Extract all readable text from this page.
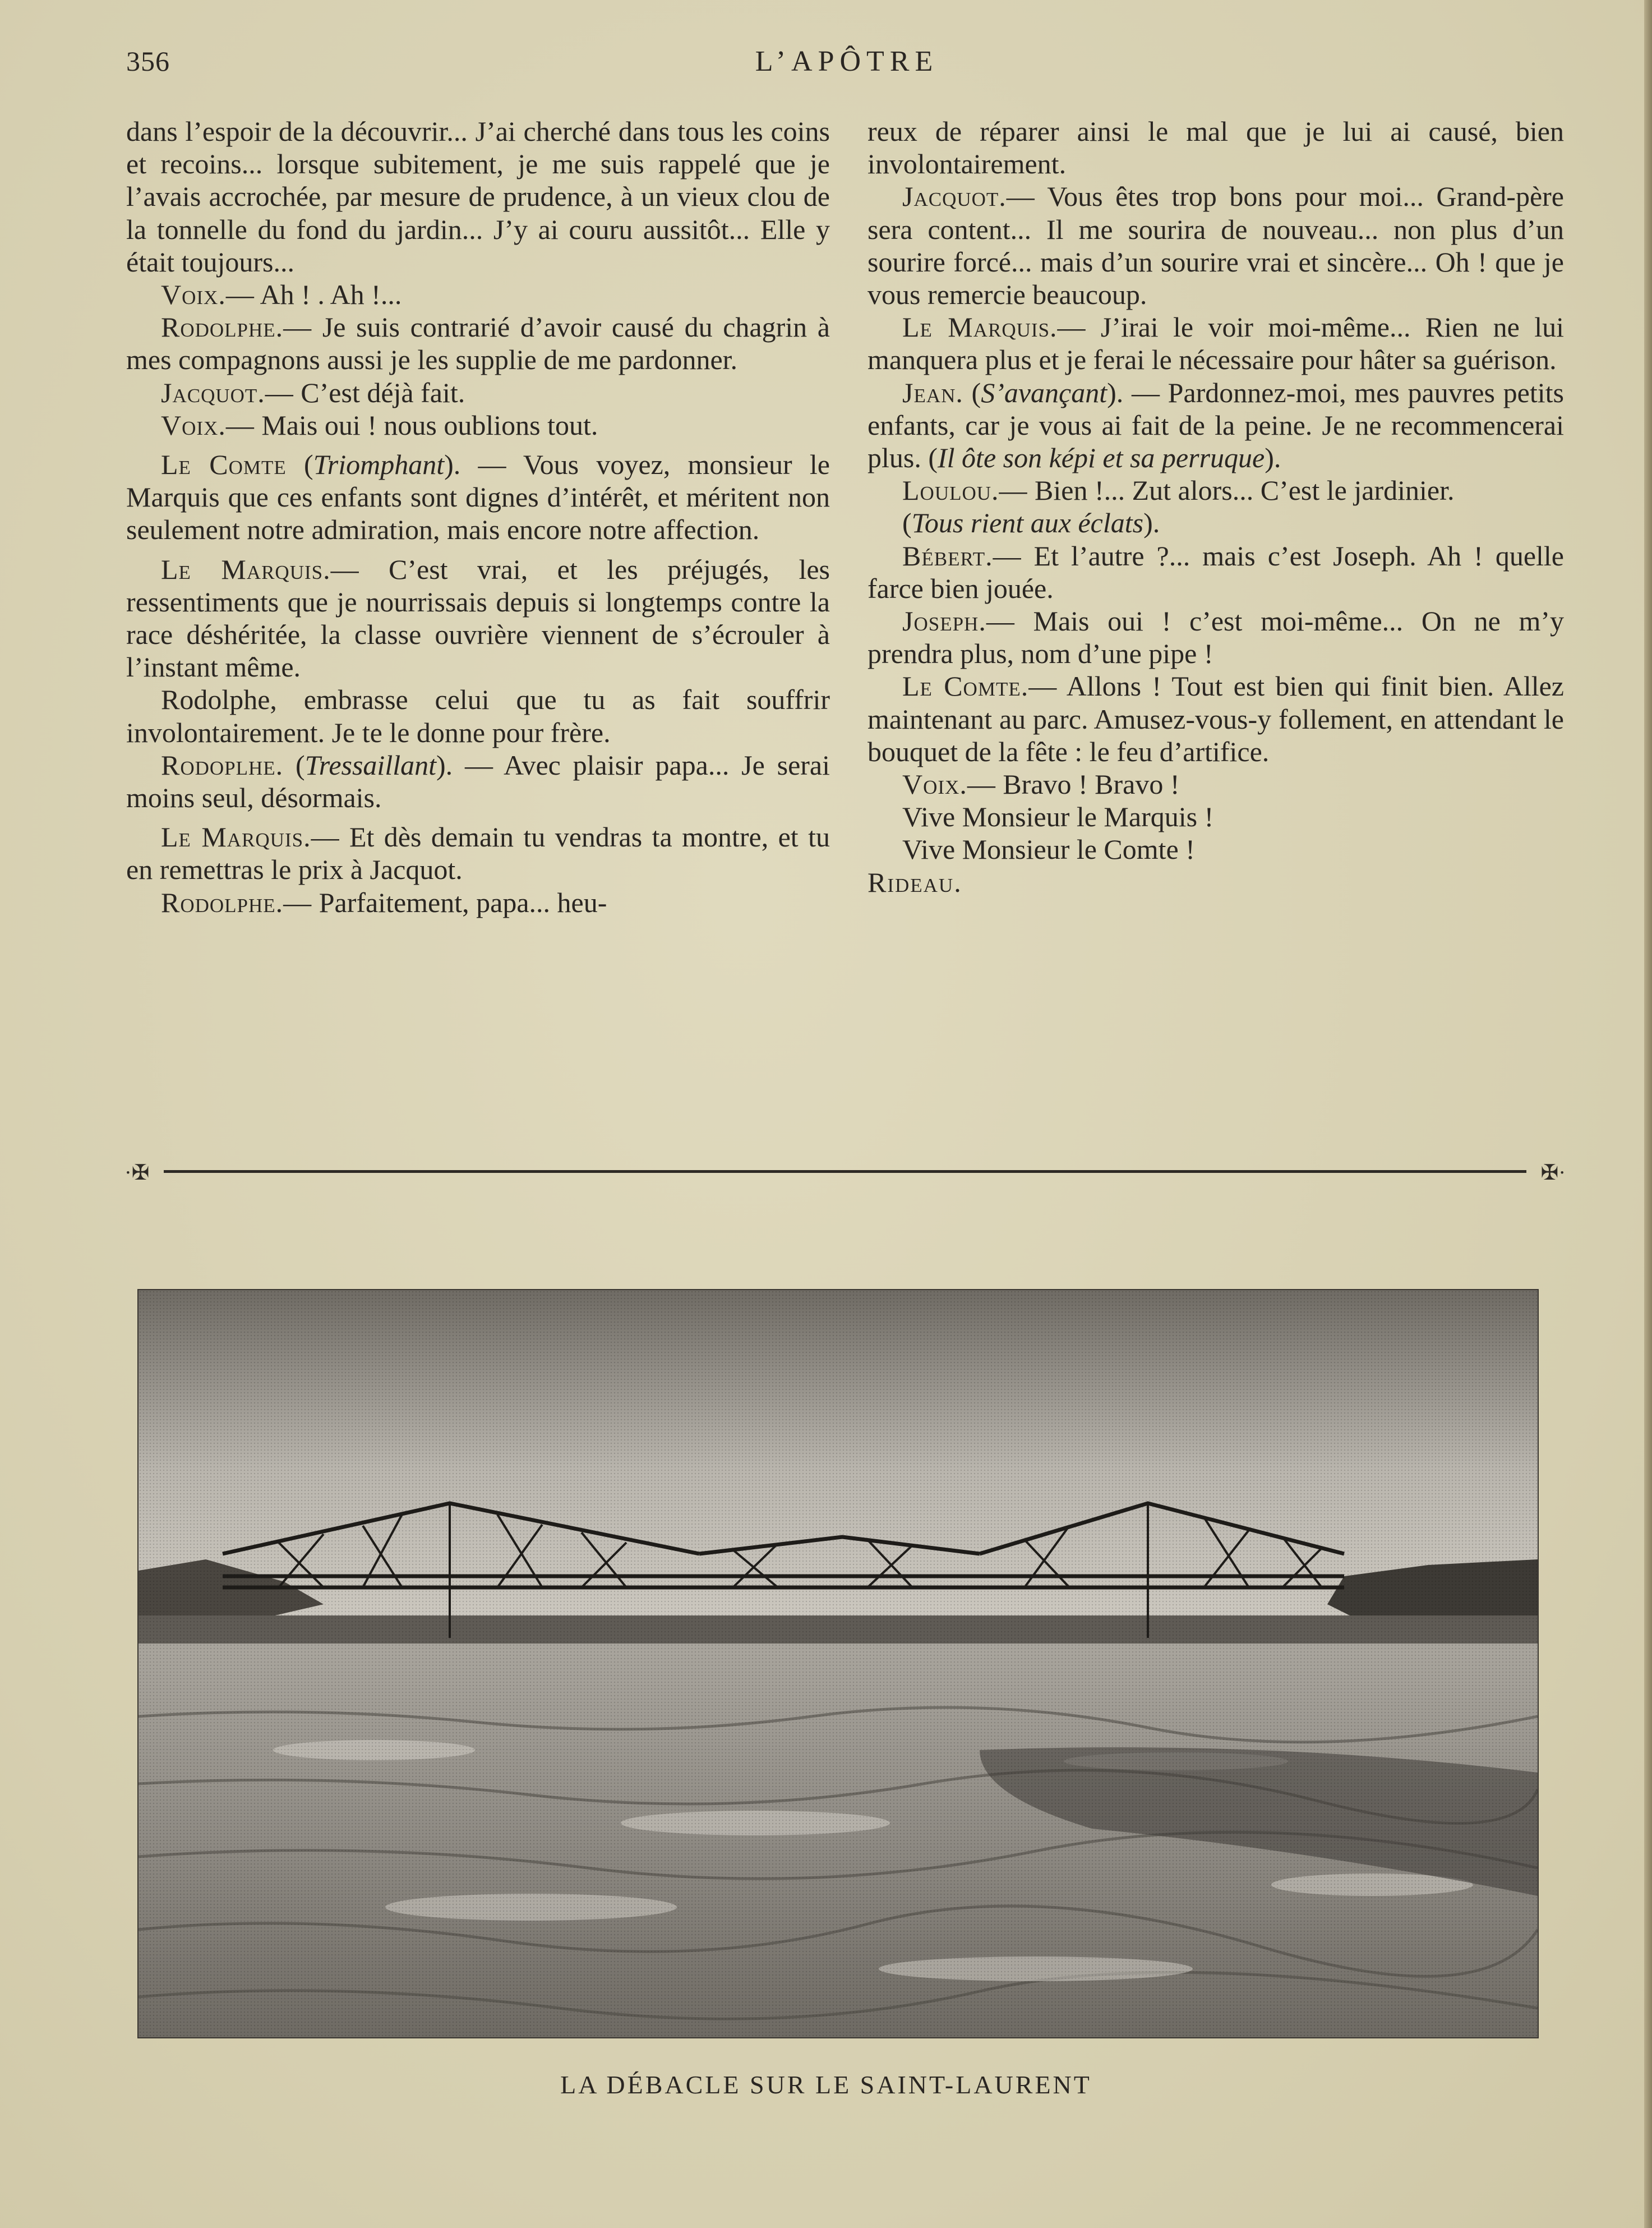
356	L’APÔTRE

dans l’espoir de la découvrir... J’ai cherché dans tous les coins et recoins... lorsque subitement, je me suis rappelé que je l’avais accrochée, par mesure de prudence, à un vieux clou de la tonnelle du fond du jardin... J’y ai couru aussitôt... Elle y était toujours...

Voix.— Ah ! . Ah !...

Rodolphe.— Je suis contrarié d’avoir causé du chagrin à mes compagnons aussi je les supplie de me pardonner.

Jacquot.— C’est déjà fait.

Voix.— Mais oui ! nous oublions tout.

Le Comte (Triomphant). — Vous voyez, monsieur le Marquis que ces enfants sont dignes d’intérêt, et méritent non seulement notre admiration, mais encore notre affection.

Le Marquis.— C’est vrai, et les préjugés, les ressentiments que je nourrissais depuis si longtemps contre la race déshéritée, la classe ouvrière viennent de s’écrouler à l’instant même.

Rodolphe, embrasse celui que tu as fait souffrir involontairement. Je te le donne pour frère.

Rodoplhe. (Tressaillant). — Avec plaisir papa... Je serai moins seul, désormais.

Le Marquis.— Et dès demain tu vendras ta montre, et tu en remettras le prix à Jacquot.

Rodolphe.— Parfaitement, papa... heu-

reux de réparer ainsi le mal que je lui ai causé, bien involontairement.

Jacquot.— Vous êtes trop bons pour moi... Grand-père sera content... Il me sourira de nouveau... non plus d’un sourire forcé... mais d’un sourire vrai et sincère... Oh ! que je vous remercie beaucoup.

Le Marquis.— J’irai le voir moi-même... Rien ne lui manquera plus et je ferai le nécessaire pour hâter sa guérison.

Jean. (S’avançant). — Pardonnez-moi, mes pauvres petits enfants, car je vous ai fait de la peine. Je ne recommencerai plus. (Il ôte son képi et sa perruque).

Loulou.— Bien !... Zut alors... C’est le jardinier.

(Tous rient aux éclats).

Bébert.— Et l’autre ?... mais c’est Joseph. Ah ! quelle farce bien jouée.

Joseph.— Mais oui ! c’est moi-même... On ne m’y prendra plus, nom d’une pipe !

Le Comte.— Allons ! Tout est bien qui finit bien. Allez maintenant au parc. Amusez-vous-y follement, en attendant le bouquet de la fête : le feu d’artifice.

Voix.— Bravo ! Bravo !

Vive Monsieur le Marquis !

Vive Monsieur le Comte !

Rideau.

·✠	✠·
LA DÉBACLE SUR LE SAINT-LAURENT
